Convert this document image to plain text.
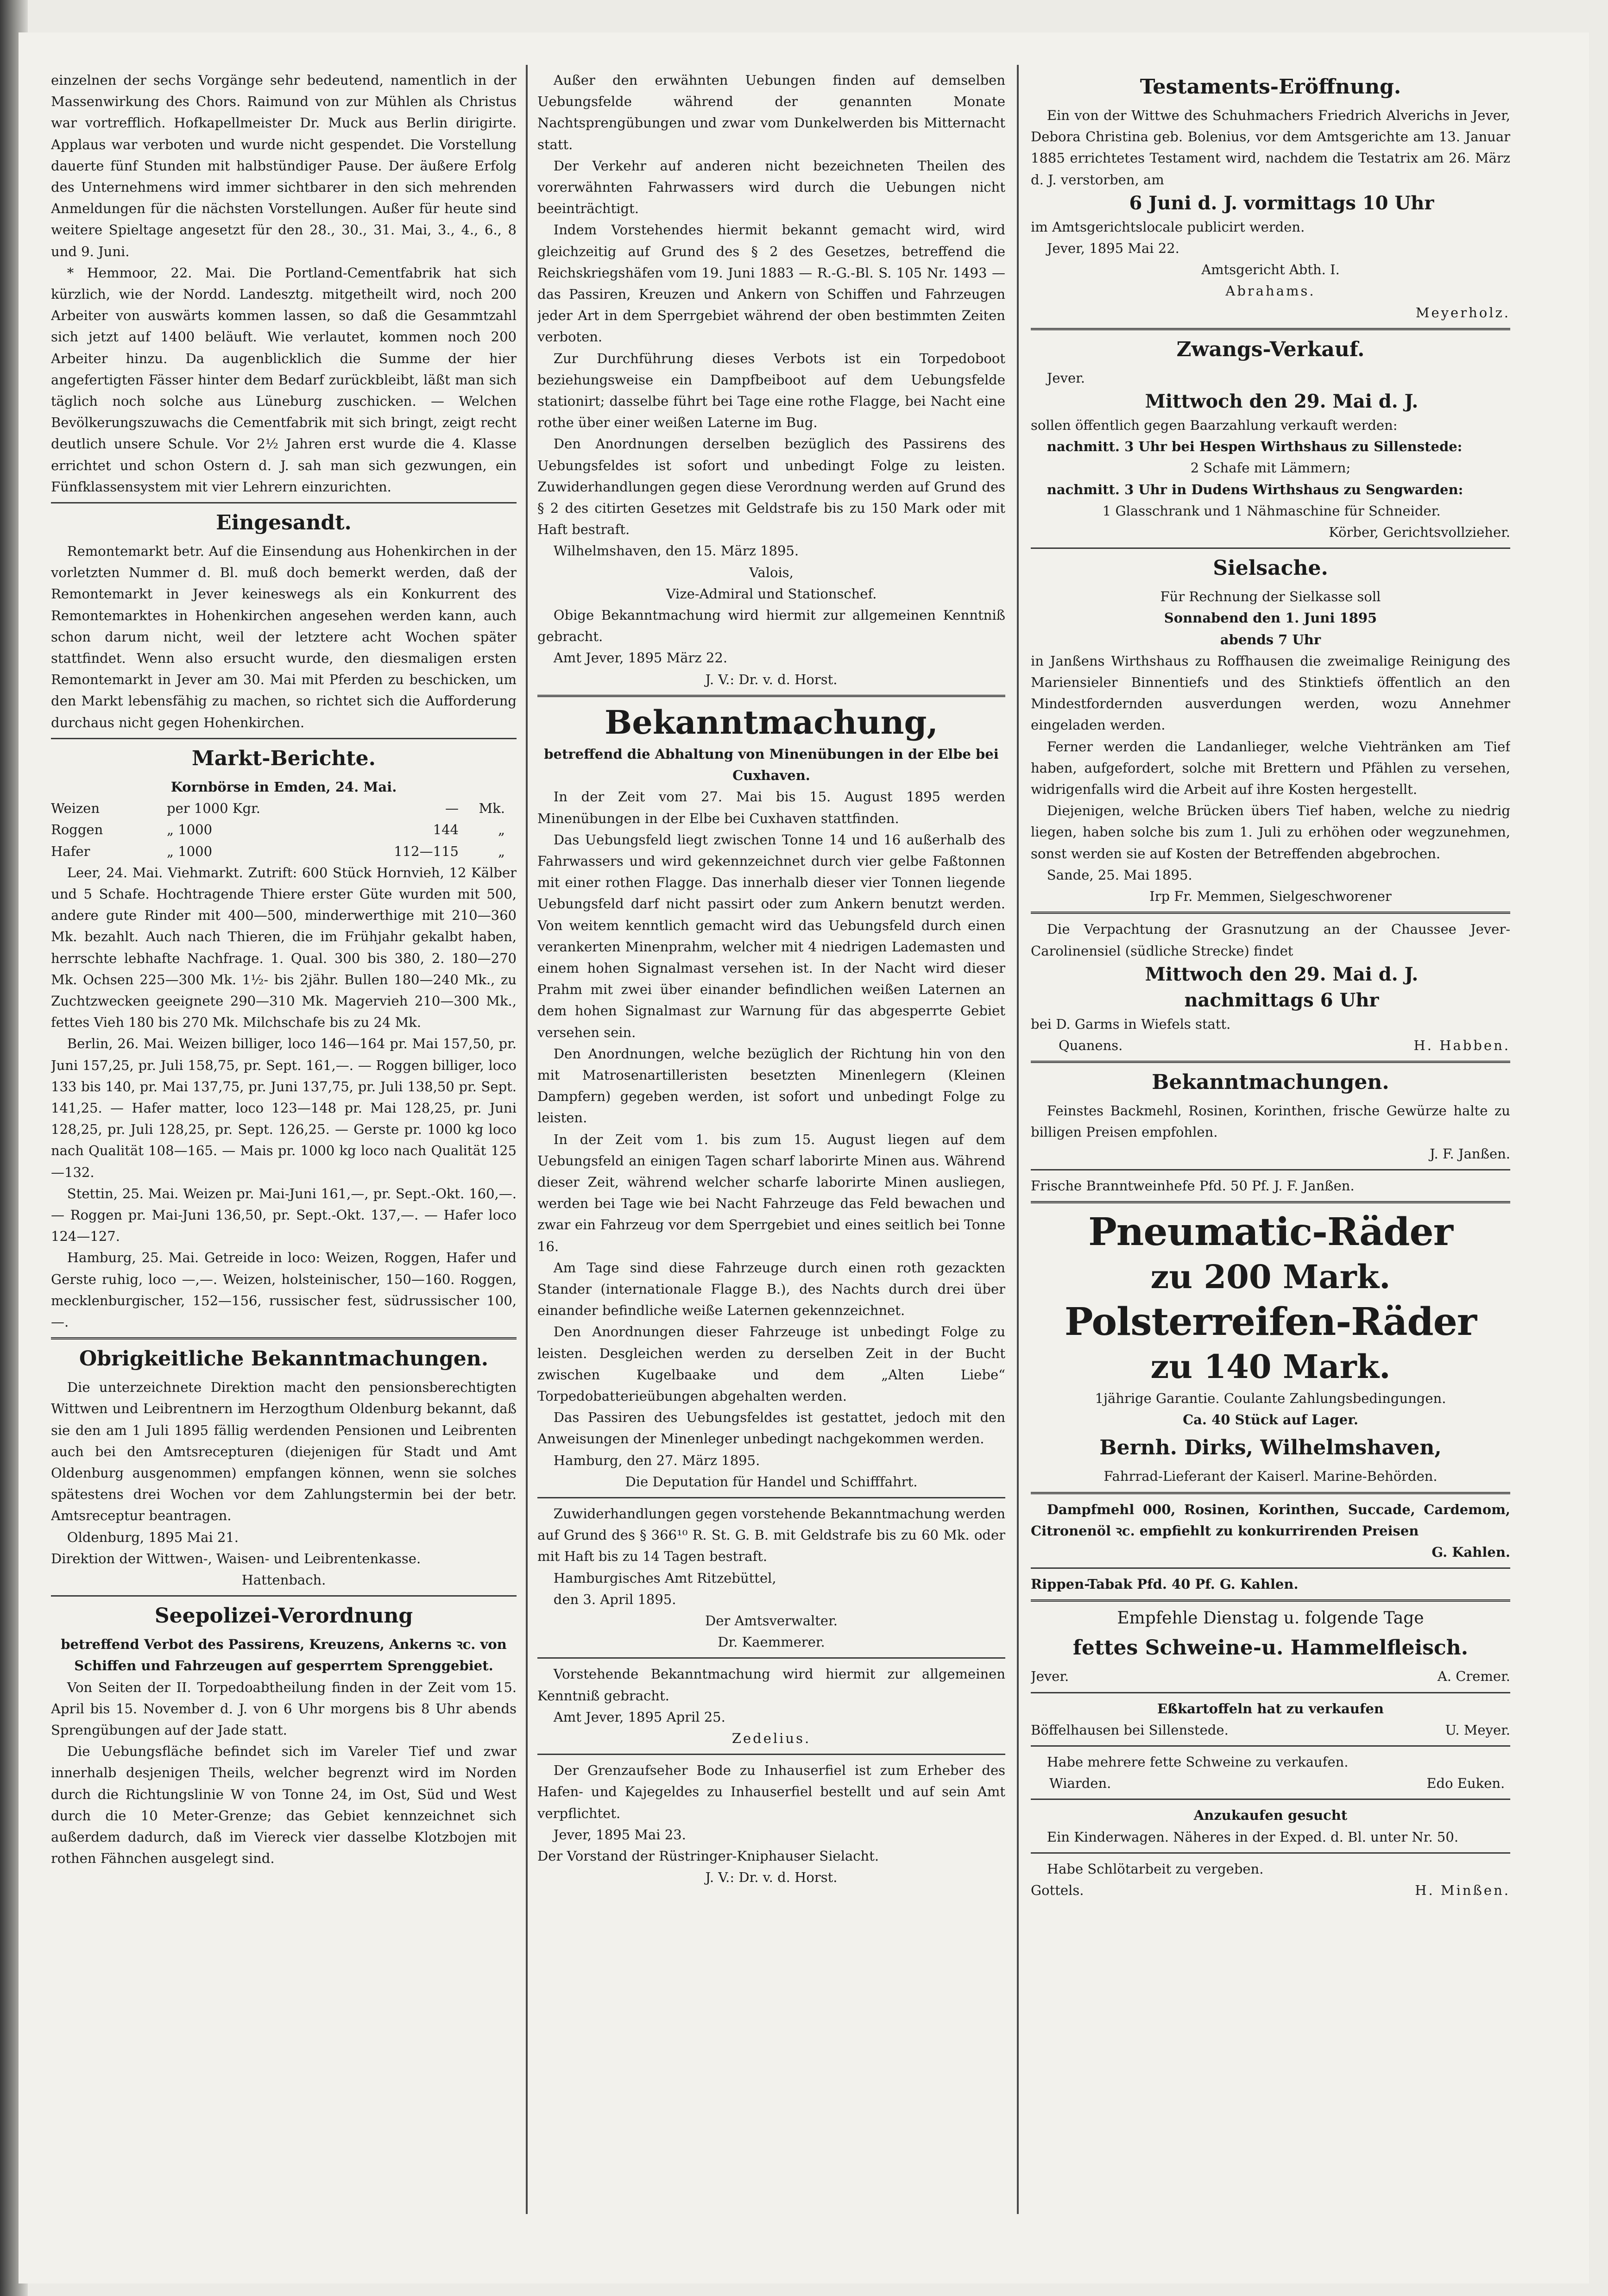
einzelnen der sechs Vorgänge sehr bedeutend, namentlich in der Massenwirkung des Chors. Raimund von zur Mühlen als Christus war vortrefflich. Hofkapellmeister Dr. Muck aus Berlin dirigirte. Applaus war verboten und wurde nicht gespendet. Die Vorstellung dauerte fünf Stunden mit halbstündiger Pause. Der äußere Erfolg des Unternehmens wird immer sichtbarer in den sich mehrenden Anmeldungen für die nächsten Vorstellungen. Außer für heute sind weitere Spieltage angesetzt für den 28., 30., 31. Mai, 3., 4., 6., 8 und 9. Juni.

* Hemmoor, 22. Mai. Die Portland-Cementfabrik hat sich kürzlich, wie der Nordd. Landesztg. mitgetheilt wird, noch 200 Arbeiter von auswärts kommen lassen, so daß die Gesammtzahl sich jetzt auf 1400 beläuft. Wie verlautet, kommen noch 200 Arbeiter hinzu. Da augenblicklich die Summe der hier angefertigten Fässer hinter dem Bedarf zurückbleibt, läßt man sich täglich noch solche aus Lüneburg zuschicken. — Welchen Bevölkerungszuwachs die Cementfabrik mit sich bringt, zeigt recht deutlich unsere Schule. Vor 2½ Jahren erst wurde die 4. Klasse errichtet und schon Ostern d. J. sah man sich gezwungen, ein Fünfklassensystem mit vier Lehrern einzurichten.

Eingesandt.

Remontemarkt betr. Auf die Einsendung aus Hohenkirchen in der vorletzten Nummer d. Bl. muß doch bemerkt werden, daß der Remontemarkt in Jever keineswegs als ein Konkurrent des Remontemarktes in Hohenkirchen angesehen werden kann, auch schon darum nicht, weil der letztere acht Wochen später stattfindet. Wenn also ersucht wurde, den diesmaligen ersten Remontemarkt in Jever am 30. Mai mit Pferden zu beschicken, um den Markt lebensfähig zu machen, so richtet sich die Aufforderung durchaus nicht gegen Hohenkirchen.

Markt-Berichte.

Kornbörse in Emden, 24. Mai.

Weizen	per 1000 Kgr.	—	Mk.
Roggen	„ 1000	144	„
Hafer	„ 1000	112—115	„

Leer, 24. Mai. Viehmarkt. Zutrift: 600 Stück Hornvieh, 12 Kälber und 5 Schafe. Hochtragende Thiere erster Güte wurden mit 500, andere gute Rinder mit 400—500, minderwerthige mit 210—360 Mk. bezahlt. Auch nach Thieren, die im Frühjahr gekalbt haben, herrschte lebhafte Nachfrage. 1. Qual. 300 bis 380, 2. 180—270 Mk. Ochsen 225—300 Mk. 1½- bis 2jähr. Bullen 180—240 Mk., zu Zuchtzwecken geeignete 290—310 Mk. Magervieh 210—300 Mk., fettes Vieh 180 bis 270 Mk. Milchschafe bis zu 24 Mk.

Berlin, 26. Mai. Weizen billiger, loco 146—164 pr. Mai 157,50, pr. Juni 157,25, pr. Juli 158,75, pr. Sept. 161,—. — Roggen billiger, loco 133 bis 140, pr. Mai 137,75, pr. Juni 137,75, pr. Juli 138,50 pr. Sept. 141,25. — Hafer matter, loco 123—148 pr. Mai 128,25, pr. Juni 128,25, pr. Juli 128,25, pr. Sept. 126,25. — Gerste pr. 1000 kg loco nach Qualität 108—165. — Mais pr. 1000 kg loco nach Qualität 125—132.

Stettin, 25. Mai. Weizen pr. Mai-Juni 161,—, pr. Sept.-Okt. 160,—. — Roggen pr. Mai-Juni 136,50, pr. Sept.-Okt. 137,—. — Hafer loco 124—127.

Hamburg, 25. Mai. Getreide in loco: Weizen, Roggen, Hafer und Gerste ruhig, loco —,—. Weizen, holsteinischer, 150—160. Roggen, mecklenburgischer, 152—156, russischer fest, südrussischer 100,—.

Obrigkeitliche Bekanntmachungen.

Die unterzeichnete Direktion macht den pensionsberechtigten Wittwen und Leibrentnern im Herzogthum Oldenburg bekannt, daß sie den am 1 Juli 1895 fällig werdenden Pensionen und Leibrenten auch bei den Amtsrecepturen (diejenigen für Stadt und Amt Oldenburg ausgenommen) empfangen können, wenn sie solches spätestens drei Wochen vor dem Zahlungstermin bei der betr. Amtsreceptur beantragen.

Oldenburg, 1895 Mai 21.

Direktion der Wittwen-, Waisen- und Leibrentenkasse.

Hattenbach.

Seepolizei-Verordnung

betreffend Verbot des Passirens, Kreuzens, Ankerns ꝛc. von Schiffen und Fahrzeugen auf gesperrtem Sprenggebiet.

Von Seiten der II. Torpedoabtheilung finden in der Zeit vom 15. April bis 15. November d. J. von 6 Uhr morgens bis 8 Uhr abends Sprengübungen auf der Jade statt.

Die Uebungsfläche befindet sich im Vareler Tief und zwar innerhalb desjenigen Theils, welcher begrenzt wird im Norden durch die Richtungslinie W von Tonne 24, im Ost, Süd und West durch die 10 Meter-Grenze; das Gebiet kennzeichnet sich außerdem dadurch, daß im Viereck vier dasselbe Klotzbojen mit rothen Fähnchen ausgelegt sind.

Außer den erwähnten Uebungen finden auf demselben Uebungsfelde während der genannten Monate Nachtsprengübungen und zwar vom Dunkelwerden bis Mitternacht statt.

Der Verkehr auf anderen nicht bezeichneten Theilen des vorerwähnten Fahrwassers wird durch die Uebungen nicht beeinträchtigt.

Indem Vorstehendes hiermit bekannt gemacht wird, wird gleichzeitig auf Grund des § 2 des Gesetzes, betreffend die Reichskriegshäfen vom 19. Juni 1883 — R.-G.-Bl. S. 105 Nr. 1493 — das Passiren, Kreuzen und Ankern von Schiffen und Fahrzeugen jeder Art in dem Sperrgebiet während der oben bestimmten Zeiten verboten.

Zur Durchführung dieses Verbots ist ein Torpedoboot beziehungsweise ein Dampfbeiboot auf dem Uebungsfelde stationirt; dasselbe führt bei Tage eine rothe Flagge, bei Nacht eine rothe über einer weißen Laterne im Bug.

Den Anordnungen derselben bezüglich des Passirens des Uebungsfeldes ist sofort und unbedingt Folge zu leisten. Zuwiderhandlungen gegen diese Verordnung werden auf Grund des § 2 des citirten Gesetzes mit Geldstrafe bis zu 150 Mark oder mit Haft bestraft.

Wilhelmshaven, den 15. März 1895.

Valois,

Vize-Admiral und Stationschef.

Obige Bekanntmachung wird hiermit zur allgemeinen Kenntniß gebracht.

Amt Jever, 1895 März 22.

J. V.: Dr. v. d. Horst.

Bekanntmachung,

betreffend die Abhaltung von Minenübungen in der Elbe bei Cuxhaven.

In der Zeit vom 27. Mai bis 15. August 1895 werden Minenübungen in der Elbe bei Cuxhaven stattfinden.

Das Uebungsfeld liegt zwischen Tonne 14 und 16 außerhalb des Fahrwassers und wird gekennzeichnet durch vier gelbe Faßtonnen mit einer rothen Flagge. Das innerhalb dieser vier Tonnen liegende Uebungsfeld darf nicht passirt oder zum Ankern benutzt werden. Von weitem kenntlich gemacht wird das Uebungsfeld durch einen verankerten Minenprahm, welcher mit 4 niedrigen Lademasten und einem hohen Signalmast versehen ist. In der Nacht wird dieser Prahm mit zwei über einander befindlichen weißen Laternen an dem hohen Signalmast zur Warnung für das abgesperrte Gebiet versehen sein.

Den Anordnungen, welche bezüglich der Richtung hin von den mit Matrosenartilleristen besetzten Minenlegern (Kleinen Dampfern) gegeben werden, ist sofort und unbedingt Folge zu leisten.

In der Zeit vom 1. bis zum 15. August liegen auf dem Uebungsfeld an einigen Tagen scharf laborirte Minen aus. Während dieser Zeit, während welcher scharfe laborirte Minen ausliegen, werden bei Tage wie bei Nacht Fahrzeuge das Feld bewachen und zwar ein Fahrzeug vor dem Sperrgebiet und eines seitlich bei Tonne 16.

Am Tage sind diese Fahrzeuge durch einen roth gezackten Stander (internationale Flagge B.), des Nachts durch drei über einander befindliche weiße Laternen gekennzeichnet.

Den Anordnungen dieser Fahrzeuge ist unbedingt Folge zu leisten. Desgleichen werden zu derselben Zeit in der Bucht zwischen Kugelbaake und dem „Alten Liebe“ Torpedobatterieübungen abgehalten werden.

Das Passiren des Uebungsfeldes ist gestattet, jedoch mit den Anweisungen der Minenleger unbedingt nachgekommen werden.

Hamburg, den 27. März 1895.

Die Deputation für Handel und Schifffahrt.

Zuwiderhandlungen gegen vorstehende Bekanntmachung werden auf Grund des § 366¹⁰ R. St. G. B. mit Geldstrafe bis zu 60 Mk. oder mit Haft bis zu 14 Tagen bestraft.

Hamburgisches Amt Ritzebüttel,

den 3. April 1895.

Der Amtsverwalter.

Dr. Kaemmerer.

Vorstehende Bekanntmachung wird hiermit zur allgemeinen Kenntniß gebracht.

Amt Jever, 1895 April 25.

Zedelius.

Der Grenzaufseher Bode zu Inhauserfiel ist zum Erheber des Hafen- und Kajegeldes zu Inhauserfiel bestellt und auf sein Amt verpflichtet.

Jever, 1895 Mai 23.

Der Vorstand der Rüstringer-Kniphauser Sielacht.

J. V.: Dr. v. d. Horst.

Testaments-Eröffnung.

Ein von der Wittwe des Schuhmachers Friedrich Alverichs in Jever, Debora Christina geb. Bolenius, vor dem Amtsgerichte am 13. Januar 1885 errichtetes Testament wird, nachdem die Testatrix am 26. März d. J. verstorben, am

6 Juni d. J. vormittags 10 Uhr

im Amtsgerichtslocale publicirt werden.

Jever, 1895 Mai 22.

Amtsgericht Abth. I.

Abrahams.

Meyerholz.

Zwangs-Verkauf.

Jever.

Mittwoch den 29. Mai d. J.

sollen öffentlich gegen Baarzahlung verkauft werden:

nachmitt. 3 Uhr bei Hespen Wirthshaus zu Sillenstede:

2 Schafe mit Lämmern;

nachmitt. 3 Uhr in Dudens Wirthshaus zu Sengwarden:

1 Glasschrank und 1 Nähmaschine für Schneider.

Körber, Gerichtsvollzieher.

Sielsache.

Für Rechnung der Sielkasse soll

Sonnabend den 1. Juni 1895

abends 7 Uhr

in Janßens Wirthshaus zu Roffhausen die zweimalige Reinigung des Mariensieler Binnentiefs und des Stinktiefs öffentlich an den Mindestfordernden ausverdungen werden, wozu Annehmer eingeladen werden.

Ferner werden die Landanlieger, welche Viehtränken am Tief haben, aufgefordert, solche mit Brettern und Pfählen zu versehen, widrigenfalls wird die Arbeit auf ihre Kosten hergestellt.

Diejenigen, welche Brücken übers Tief haben, welche zu niedrig liegen, haben solche bis zum 1. Juli zu erhöhen oder wegzunehmen, sonst werden sie auf Kosten der Betreffenden abgebrochen.

Sande, 25. Mai 1895.

Irp Fr. Memmen, Sielgeschworener

Die Verpachtung der Grasnutzung an der Chaussee Jever-Carolinensiel (südliche Strecke) findet

Mittwoch den 29. Mai d. J.

nachmittags 6 Uhr

bei D. Garms in Wiefels statt.

Quanens.	H. Habben.
Bekanntmachungen.

Feinstes Backmehl, Rosinen, Korinthen, frische Gewürze halte zu billigen Preisen empfohlen.

J. F. Janßen.

Frische Branntweinhefe Pfd. 50 Pf. J. F. Janßen.

Pneumatic-Räder
zu 200 Mark.
Polsterreifen-Räder
zu 140 Mark.

1jährige Garantie. Coulante Zahlungsbedingungen.

Ca. 40 Stück auf Lager.

Bernh. Dirks, Wilhelmshaven,

Fahrrad-Lieferant der Kaiserl. Marine-Behörden.

Dampfmehl 000, Rosinen, Korinthen, Succade, Cardemom, Citronenöl ꝛc. empfiehlt zu konkurrirenden Preisen

G. Kahlen.

Rippen-Tabak Pfd. 40 Pf. G. Kahlen.

Empfehle Dienstag u. folgende Tage

fettes Schweine-u. Hammelfleisch.
Jever.	A. Cremer.

Eßkartoffeln hat zu verkaufen

Böffelhausen bei Sillenstede.	U. Meyer.

Habe mehrere fette Schweine zu verkaufen.

Wiarden.	Edo Euken.

Anzukaufen gesucht

Ein Kinderwagen. Näheres in der Exped. d. Bl. unter Nr. 50.

Habe Schlötarbeit zu vergeben.

Gottels.	H. Minßen.
